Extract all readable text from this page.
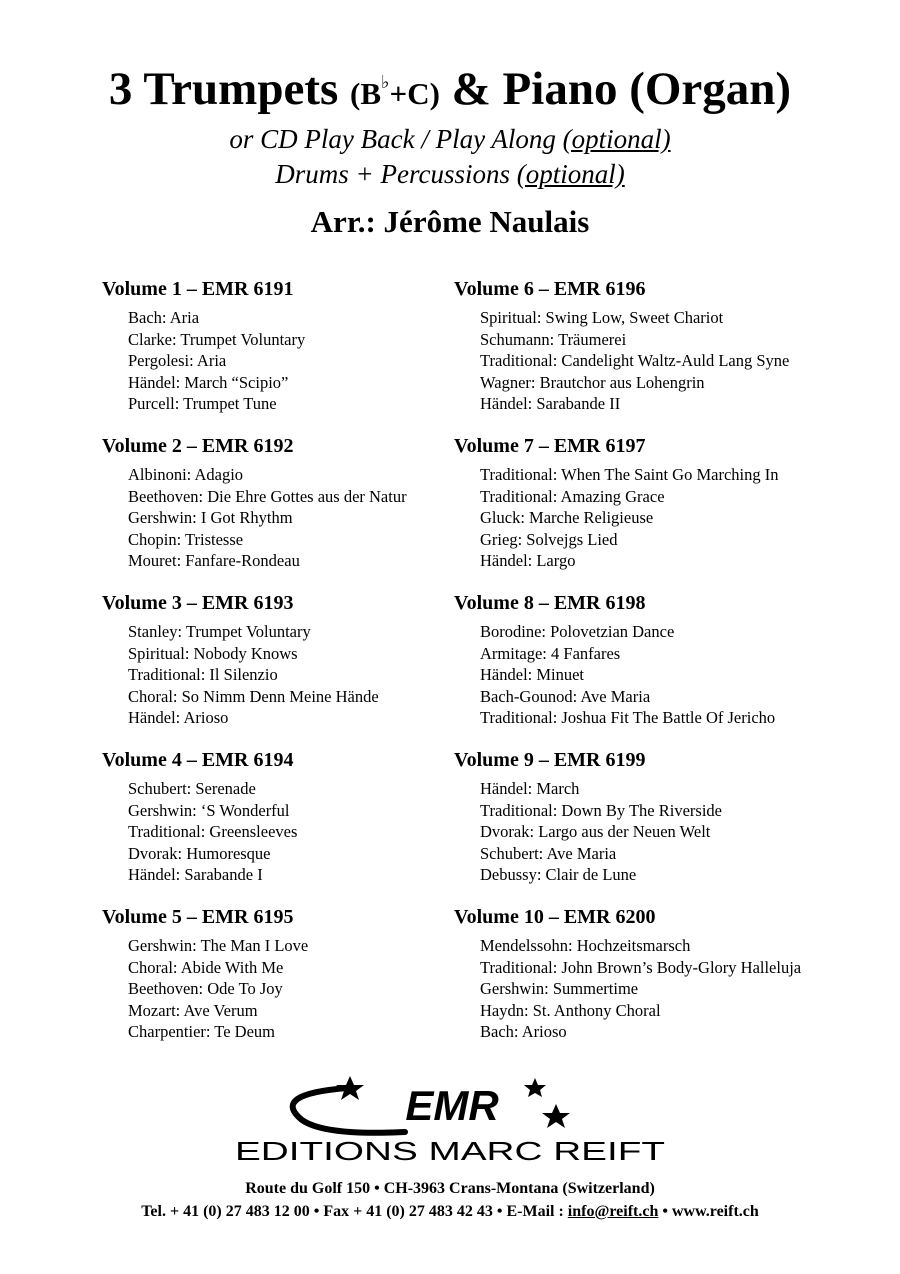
3 Trumpets (B♭+C) & Piano (Organ)
or CD Play Back / Play Along (optional)
Drums + Percussions (optional)
Arr.: Jérôme Naulais
Volume 1 – EMR 6191
Bach: Aria
Clarke: Trumpet Voluntary
Pergolesi: Aria
Händel: March “Scipio”
Purcell: Trumpet Tune
Volume 2 – EMR 6192
Albinoni: Adagio
Beethoven: Die Ehre Gottes aus der Natur
Gershwin: I Got Rhythm
Chopin: Tristesse
Mouret: Fanfare-Rondeau
Volume 3 – EMR 6193
Stanley: Trumpet Voluntary
Spiritual: Nobody Knows
Traditional: Il Silenzio
Choral: So Nimm Denn Meine Hände
Händel: Arioso
Volume 4 – EMR 6194
Schubert: Serenade
Gershwin: ‘S Wonderful
Traditional: Greensleeves
Dvorak: Humoresque
Händel: Sarabande I
Volume 5 – EMR 6195
Gershwin: The Man I Love
Choral: Abide With Me
Beethoven: Ode To Joy
Mozart: Ave Verum
Charpentier: Te Deum
Volume 6 – EMR 6196
Spiritual: Swing Low, Sweet Chariot
Schumann: Träumerei
Traditional: Candelight Waltz-Auld Lang Syne
Wagner: Brautchor aus Lohengrin
Händel: Sarabande II
Volume 7 – EMR 6197
Traditional: When The Saint Go Marching In
Traditional: Amazing Grace
Gluck: Marche Religieuse
Grieg: Solvejgs Lied
Händel: Largo
Volume 8 – EMR 6198
Borodine: Polovetzian Dance
Armitage: 4 Fanfares
Händel: Minuet
Bach-Gounod: Ave Maria
Traditional: Joshua Fit The Battle Of Jericho
Volume 9 – EMR 6199
Händel: March
Traditional: Down By The Riverside
Dvorak: Largo aus der Neuen Welt
Schubert: Ave Maria
Debussy: Clair de Lune
Volume 10 – EMR 6200
Mendelssohn: Hochzeitsmarsch
Traditional: John Brown’s Body-Glory Halleluja
Gershwin: Summertime
Haydn: St. Anthony Choral
Bach: Arioso
EMR
EDITIONS MARC REIFT
Route du Golf 150 • CH-3963 Crans-Montana (Switzerland)
Tel. + 41 (0) 27 483 12 00 • Fax + 41 (0) 27 483 42 43 • E-Mail : info@reift.ch • www.reift.ch
